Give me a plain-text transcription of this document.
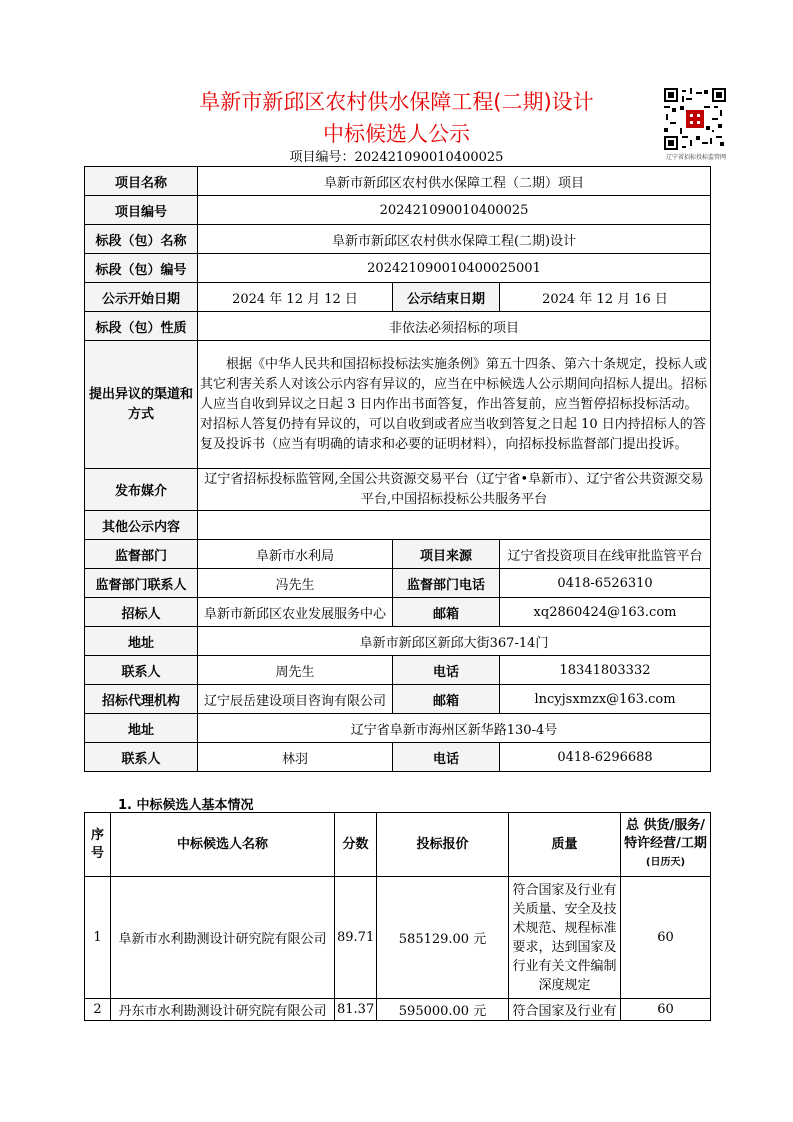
阜新市新邱区农村供水保障工程(二期)设计
中标候选人公示
项目编号：202421090010400025	辽宁省招标投标监管网
项目名称	阜新市新邱区农村供水保障工程（二期）项目		
项目编号	202421090010400025		
标段（包）名称	阜新市新邱区农村供水保障工程(二期)设计		
标段（包）编号	202421090010400025001		
公示开始日期	2024 年 12 月 12 日	公示结束日期	2024 年 12 月 16 日
标段（包）性质	非依法必须招标的项目		
提出异议的渠道和方式	根据《中华人民共和国招标投标法实施条例》第五十四条、第六十条规定，投标人或其它利害关系人对该公示内容有异议的，应当在中标候选人公示期间向招标人提出。招标人应当自收到异议之日起 3 日内作出书面答复，作出答复前，应当暂停招标投标活动。对招标人答复仍持有异议的，可以自收到或者应当收到答复之日起 10 日内持招标人的答复及投诉书（应当有明确的请求和必要的证明材料），向招标投标监督部门提出投诉。		
发布媒介	辽宁省招标投标监管网,全国公共资源交易平台（辽宁省•阜新市）、辽宁省公共资源交易平台,中国招标投标公共服务平台		
其他公示内容			
监督部门	阜新市水利局	项目来源	辽宁省投资项目在线审批监管平台
监督部门联系人	冯先生	监督部门电话	0418-6526310
招标人	阜新市新邱区农业发展服务中心	邮箱	xq2860424@163.com
地址	阜新市新邱区新邱大街367-14门		
联系人	周先生	电话	18341803332
招标代理机构	辽宁辰岳建设项目咨询有限公司	邮箱	lncyjsxmzx@163.com
地址	辽宁省阜新市海州区新华路130-4号		
联系人	林羽	电话	0418-6296688
1. 中标候选人基本情况
序号	中标候选人名称	分数	投标报价	质量	总 供货/服务/特许经营/工期(日历天)
1	阜新市水利勘测设计研究院有限公司	89.71	585129.00 元	符合国家及行业有关质量、安全及技术规范、规程标准要求，达到国家及行业有关文件编制深度规定	60
2	丹东市水利勘测设计研究院有限公司	81.37	595000.00 元	符合国家及行业有	60
